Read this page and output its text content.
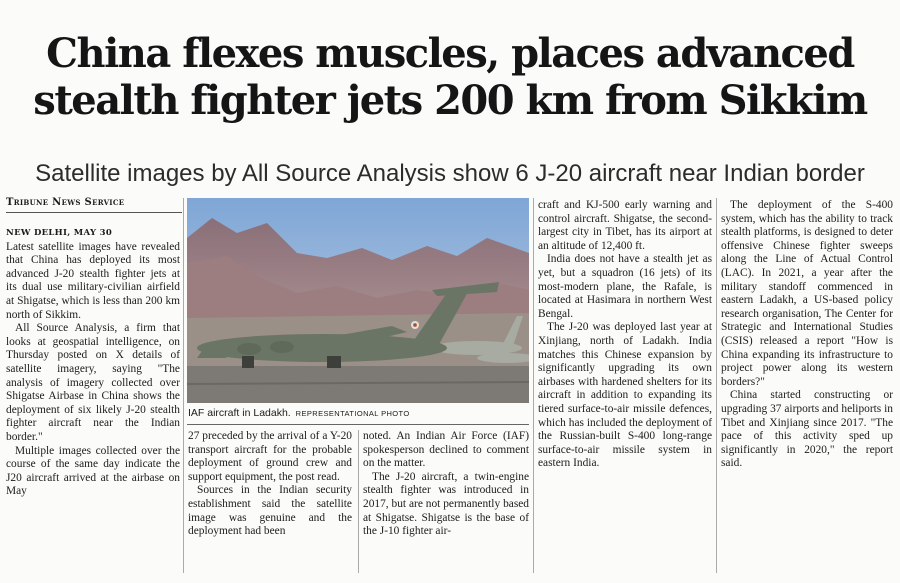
China flexes muscles, places advanced
stealth fighter jets 200 km from Sikkim
Satellite images by All Source Analysis show 6 J-20 aircraft near Indian border
Tribune News Service

NEW DELHI, MAY 30

Latest satellite images have revealed that China has deployed its most advanced J-20 stealth fighter jets at its dual use military-civilian airfield at Shigatse, which is less than 200 km north of Sikkim.

All Source Analysis, a firm that looks at geospatial intelligence, on Thursday posted on X details of satellite imagery, saying "The analysis of imagery collected over Shigatse Airbase in China shows the deployment of six likely J-20 stealth fighter aircraft near the Indian border."

Multiple images collected over the course of the same day indicate the J20 aircraft arrived at the airbase on May

IAF aircraft in Ladakh. REPRESENTATIONAL PHOTO

27 preceded by the arrival of a Y-20 transport aircraft for the probable deployment of ground crew and support equipment, the post read.

Sources in the Indian security establishment said the satellite image was genuine and the deployment had been

noted. An Indian Air Force (IAF) spokesperson declined to comment on the matter.

The J-20 aircraft, a twin-engine stealth fighter was introduced in 2017, but are not permanently based at Shigatse. Shigatse is the base of the J-10 fighter air-

craft and KJ-500 early warning and control aircraft. Shigatse, the second-largest city in Tibet, has its airport at an altitude of 12,400 ft.

India does not have a stealth jet as yet, but a squadron (16 jets) of its most-modern plane, the Rafale, is located at Hasimara in northern West Bengal.

The J-20 was deployed last year at Xinjiang, north of Ladakh. India matches this Chinese expansion by significantly upgrading its own airbases with hardened shelters for its aircraft in addition to expanding its tiered surface-to-air missile defences, which has included the deployment of the Russian-built S-400 long-range surface-to-air missile system in eastern India.

The deployment of the S-400 system, which has the ability to track stealth platforms, is designed to deter offensive Chinese fighter sweeps along the Line of Actual Control (LAC). In 2021, a year after the military standoff commenced in eastern Ladakh, a US-based policy research organisation, The Center for Strategic and International Studies (CSIS) released a report "How is China expanding its infrastructure to project power along its western borders?"

China started constructing or upgrading 37 airports and heliports in Tibet and Xinjiang since 2017. "The pace of this activity sped up significantly in 2020," the report said.
